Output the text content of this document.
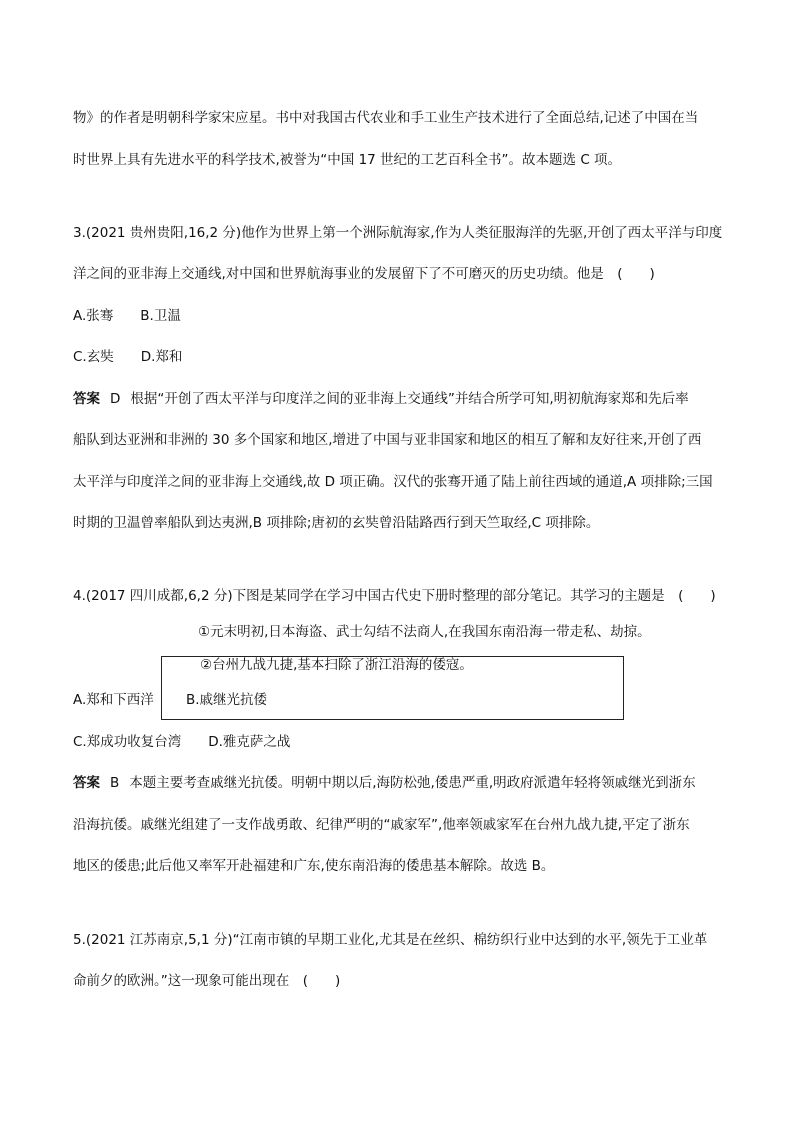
物》的作者是明朝科学家宋应星。书中对我国古代农业和手工业生产技术进行了全面总结,记述了中国在当
时世界上具有先进水平的科学技术,被誉为“中国 17 世纪的工艺百科全书”。故本题选 C 项。
3.(2021 贵州贵阳,16,2 分)他作为世界上第一个洲际航海家,作为人类征服海洋的先驱,开创了西太平洋与印度
洋之间的亚非海上交通线,对中国和世界航海事业的发展留下了不可磨灭的历史功绩。他是　(　　)
A.张骞　　B.卫温
C.玄奘　　D.郑和
答案 D 根据“开创了西太平洋与印度洋之间的亚非海上交通线”并结合所学可知,明初航海家郑和先后率
船队到达亚洲和非洲的 30 多个国家和地区,增进了中国与亚非国家和地区的相互了解和友好往来,开创了西
太平洋与印度洋之间的亚非海上交通线,故 D 项正确。汉代的张骞开通了陆上前往西域的通道,A 项排除;三国
时期的卫温曾率船队到达夷洲,B 项排除;唐初的玄奘曾沿陆路西行到天竺取经,C 项排除。
4.(2017 四川成都,6,2 分)下图是某同学在学习中国古代史下册时整理的部分笔记。其学习的主题是　(　　)
①元末明初,日本海盗、武士勾结不法商人,在我国东南沿海一带走私、劫掠。
②台州九战九捷,基本扫除了浙江沿海的倭寇。
A.郑和下西洋 B.戚继光抗倭
C.郑成功收复台湾　　D.雅克萨之战
答案 B 本题主要考查戚继光抗倭。明朝中期以后,海防松弛,倭患严重,明政府派遣年轻将领戚继光到浙东
沿海抗倭。戚继光组建了一支作战勇敢、纪律严明的“戚家军”,他率领戚家军在台州九战九捷,平定了浙东
地区的倭患;此后他又率军开赴福建和广东,使东南沿海的倭患基本解除。故选 B。
5.(2021 江苏南京,5,1 分)“江南市镇的早期工业化,尤其是在丝织、棉纺织行业中达到的水平,领先于工业革
命前夕的欧洲。”这一现象可能出现在　(　　)
